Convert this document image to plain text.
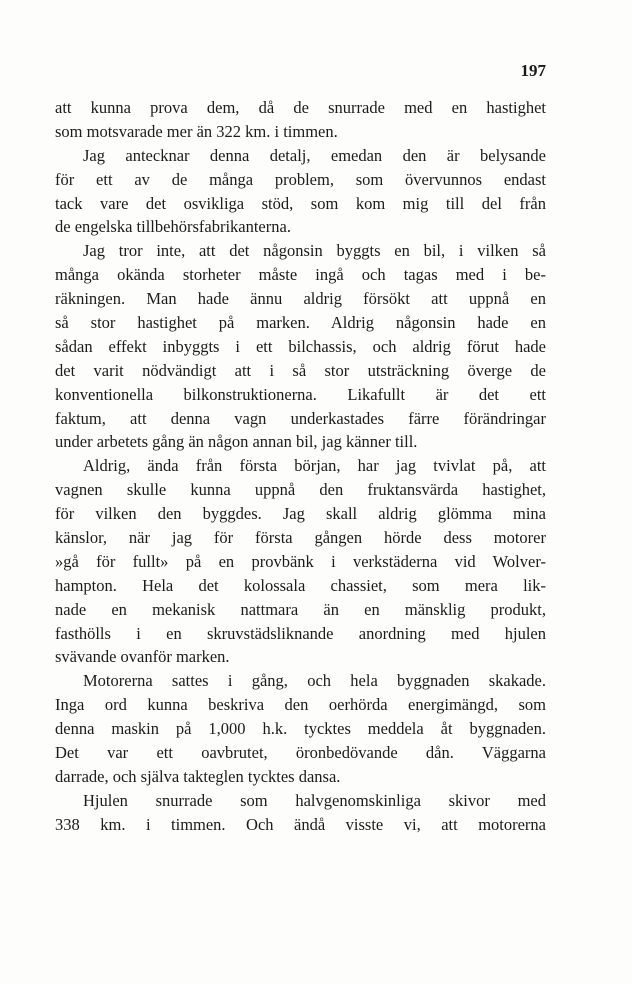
197
att kunna prova dem, då de snurrade med en hastighet
som motsvarade mer än 322 km. i timmen.
Jag antecknar denna detalj, emedan den är belysande
för ett av de många problem, som övervunnos endast
tack vare det osvikliga stöd, som kom mig till del från
de engelska tillbehörsfabrikanterna.
Jag tror inte, att det någonsin byggts en bil, i vilken så
många okända storheter måste ingå och tagas med i be-
räkningen. Man hade ännu aldrig försökt att uppnå en
så stor hastighet på marken. Aldrig någonsin hade en
sådan effekt inbyggts i ett bilchassis, och aldrig förut hade
det varit nödvändigt att i så stor utsträckning överge de
konventionella bilkonstruktionerna. Likafullt är det ett
faktum, att denna vagn underkastades färre förändringar
under arbetets gång än någon annan bil, jag känner till.
Aldrig, ända från första början, har jag tvivlat på, att
vagnen skulle kunna uppnå den fruktansvärda hastighet,
för vilken den byggdes. Jag skall aldrig glömma mina
känslor, när jag för första gången hörde dess motorer
»gå för fullt» på en provbänk i verkstäderna vid Wolver-
hampton. Hela det kolossala chassiet, som mera lik-
nade en mekanisk nattmara än en mänsklig produkt,
fasthölls i en skruvstädsliknande anordning med hjulen
svävande ovanför marken.
Motorerna sattes i gång, och hela byggnaden skakade.
Inga ord kunna beskriva den oerhörda energimängd, som
denna maskin på 1,000 h.k. tycktes meddela åt byggnaden.
Det var ett oavbrutet, öronbedövande dån. Väggarna
darrade, och själva takteglen tycktes dansa.
Hjulen snurrade som halvgenomskinliga skivor med
338 km. i timmen. Och ändå visste vi, att motorerna
